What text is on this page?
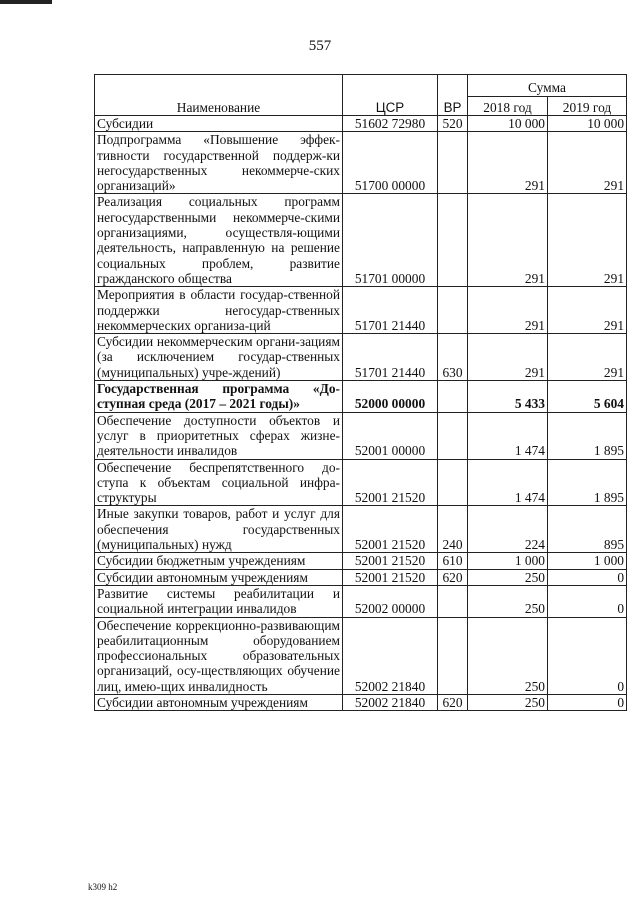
557
Наименование	ЦСР	ВР	Сумма	
			2018 год	2019 год
Субсидии	51602 72980	520	10 000	10 000
Подпрограмма «Повышение эффек-тивности государственной поддерж-ки негосударственных некоммерче-ских организаций»	51700 00000		291	291
Реализация социальных программ негосударственными некоммерче-скими организациями, осуществля-ющими деятельность, направленную на решение социальных проблем, развитие гражданского общества	51701 00000		291	291
Мероприятия в области государ-ственной поддержки негосудар-ственных некоммерческих организа-ций	51701 21440		291	291
Субсидии некоммерческим органи-зациям (за исключением государ-ственных (муниципальных) учре-ждений)	51701 21440	630	291	291
Государственная программа «До-ступная среда (2017 – 2021 годы)»	52000 00000		5 433	5 604
Обеспечение доступности объектов и услуг в приоритетных сферах жизне-деятельности инвалидов	52001 00000		1 474	1 895
Обеспечение беспрепятственного до-ступа к объектам социальной инфра-структуры	52001 21520		1 474	1 895
Иные закупки товаров, работ и услуг для обеспечения государственных (муниципальных) нужд	52001 21520	240	224	895
Субсидии бюджетным учреждениям	52001 21520	610	1 000	1 000
Субсидии автономным учреждениям	52001 21520	620	250	0
Развитие системы реабилитации и социальной интеграции инвалидов	52002 00000		250	0
Обеспечение коррекционно-развивающим реабилитационным оборудованием профессиональных образовательных организаций, осу-ществляющих обучение лиц, имею-щих инвалидность	52002 21840		250	0
Субсидии автономным учреждениям	52002 21840	620	250	0
k309 h2
